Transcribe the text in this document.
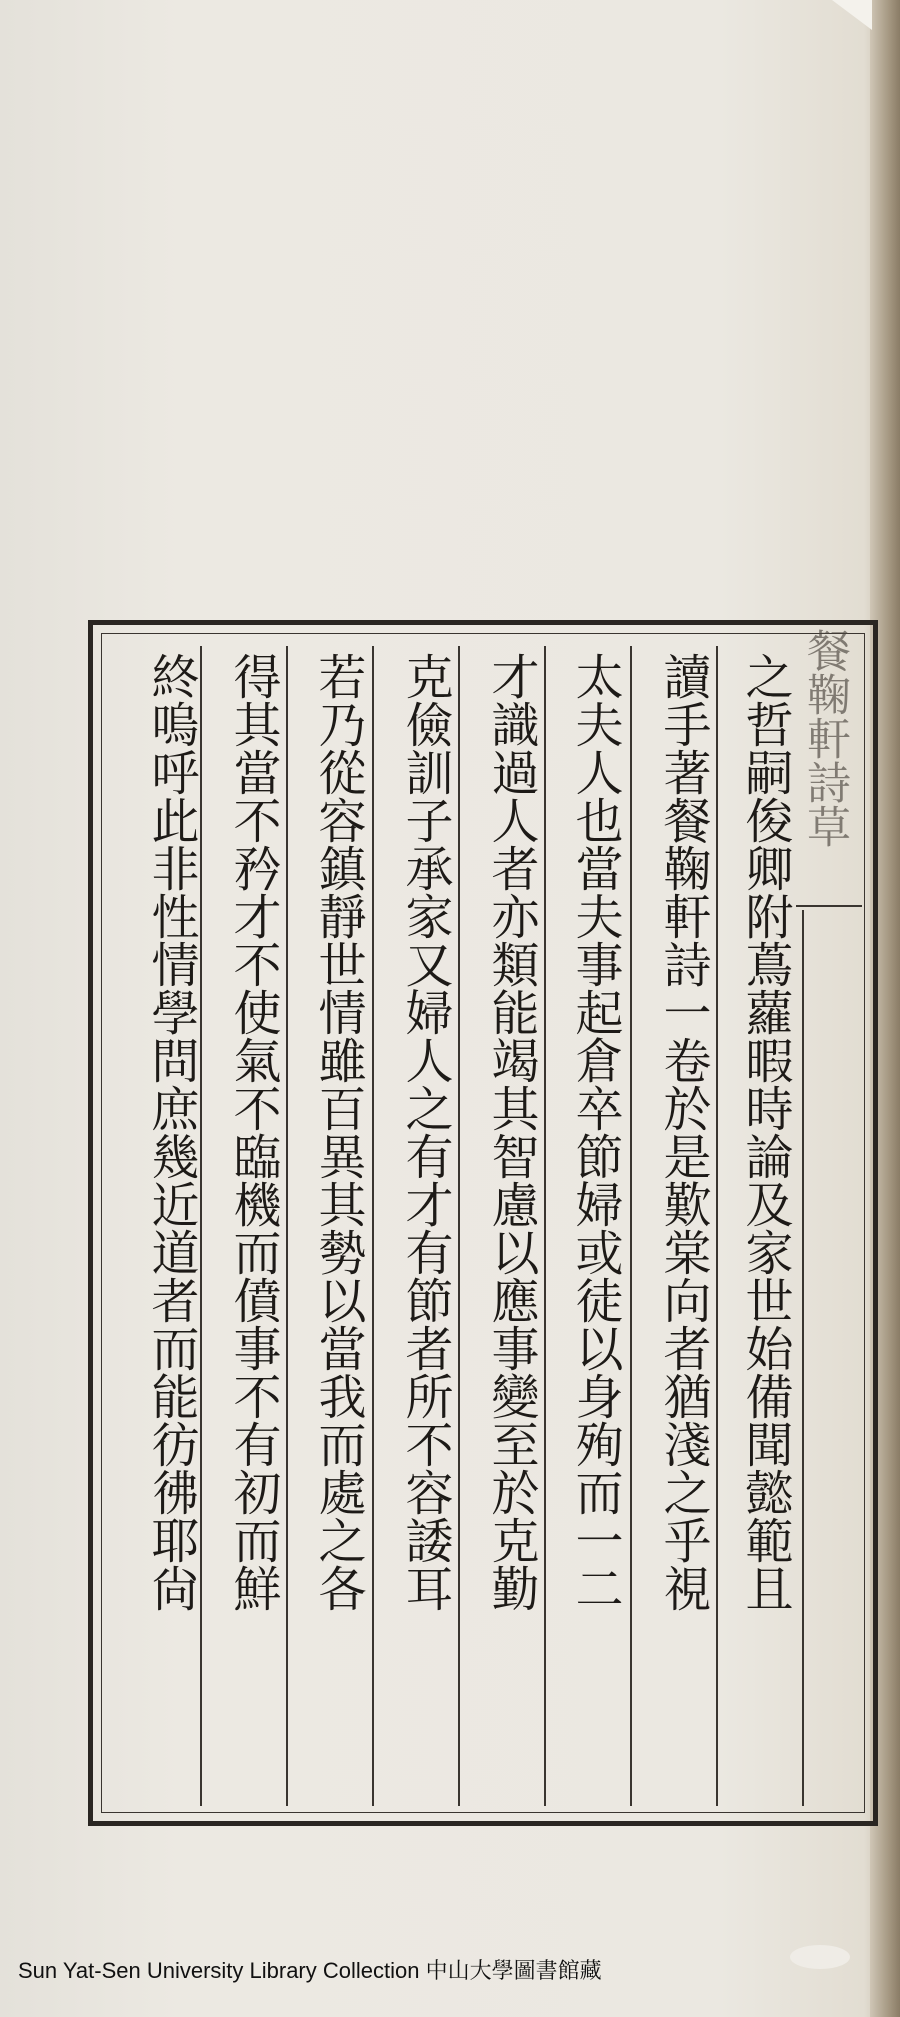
餐鞠軒詩草
之哲嗣俊卿附蔦蘿暇時論及家世始備聞懿範且
讀手著餐鞠軒詩一卷於是歎棠向者猶淺之乎視
太夫人也當夫事起倉卒節婦或徒以身殉而一二
才識過人者亦類能竭其智慮以應事變至於克勤
克儉訓子承家又婦人之有才有節者所不容諉耳
若乃從容鎮靜世情雖百異其勢以當我而處之各
得其當不矜才不使氣不臨機而僨事不有初而鮮
終嗚呼此非性情學問庶幾近道者而能彷彿耶尙
Sun Yat-Sen University Library Collection 中山大學圖書館藏
